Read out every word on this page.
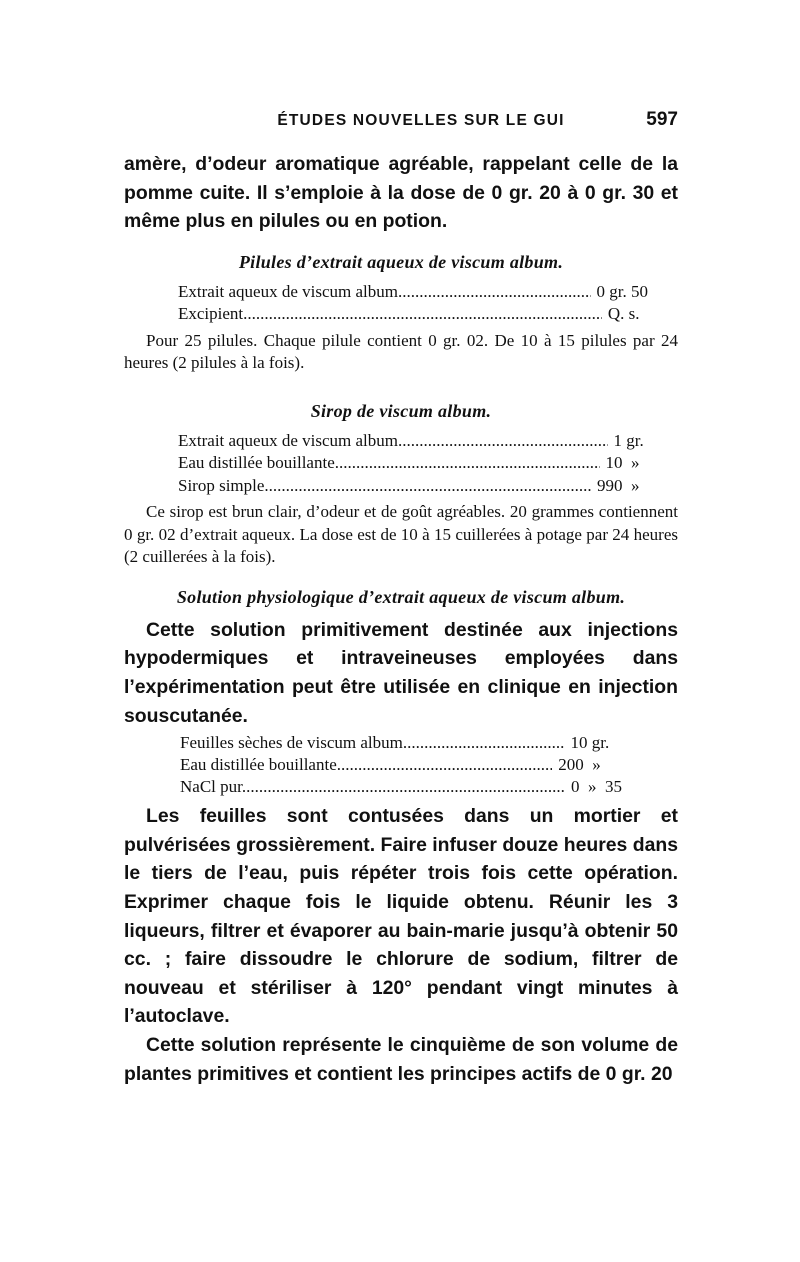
ÉTUDES NOUVELLES SUR LE GUI	597

amère, d’odeur aromatique agréable, rappelant celle de la pomme cuite. Il s’emploie à la dose de 0 gr. 20 à 0 gr. 30 et même plus en pilules ou en potion.

Pilules d’extrait aqueux de viscum album.

Extrait aqueux de viscum album .....	0 gr. 50
Excipient .....	Q. s.

Pour 25 pilules. Chaque pilule contient 0 gr. 02. De 10 à 15 pilules par 24 heures (2 pilules à la fois).

Sirop de viscum album.

Extrait aqueux de viscum album .....	1 gr.
Eau distillée bouillante .....	10  »
Sirop simple .....	990  »

Ce sirop est brun clair, d’odeur et de goût agréables. 20 grammes contiennent 0 gr. 02 d’extrait aqueux. La dose est de 10 à 15 cuillerées à potage par 24 heures (2 cuillerées à la fois).

Solution physiologique d’extrait aqueux de viscum album.

Cette solution primitivement destinée aux injections hypodermiques et intraveineuses employées dans l’expérimentation peut être utilisée en clinique en injection souscutanée.

Feuilles sèches de viscum album .....	10 gr.
Eau distillée bouillante .....	200  »
NaCl pur .....	0  »  35

Les feuilles sont contusées dans un mortier et pulvérisées grossièrement. Faire infuser douze heures dans le tiers de l’eau, puis répéter trois fois cette opération. Exprimer chaque fois le liquide obtenu. Réunir les 3 liqueurs, filtrer et évaporer au bain-marie jusqu’à obtenir 50 cc. ; faire dissoudre le chlorure de sodium, filtrer de nouveau et stériliser à 120° pendant vingt minutes à l’autoclave.

Cette solution représente le cinquième de son volume de plantes primitives et contient les principes actifs de 0 gr. 20
